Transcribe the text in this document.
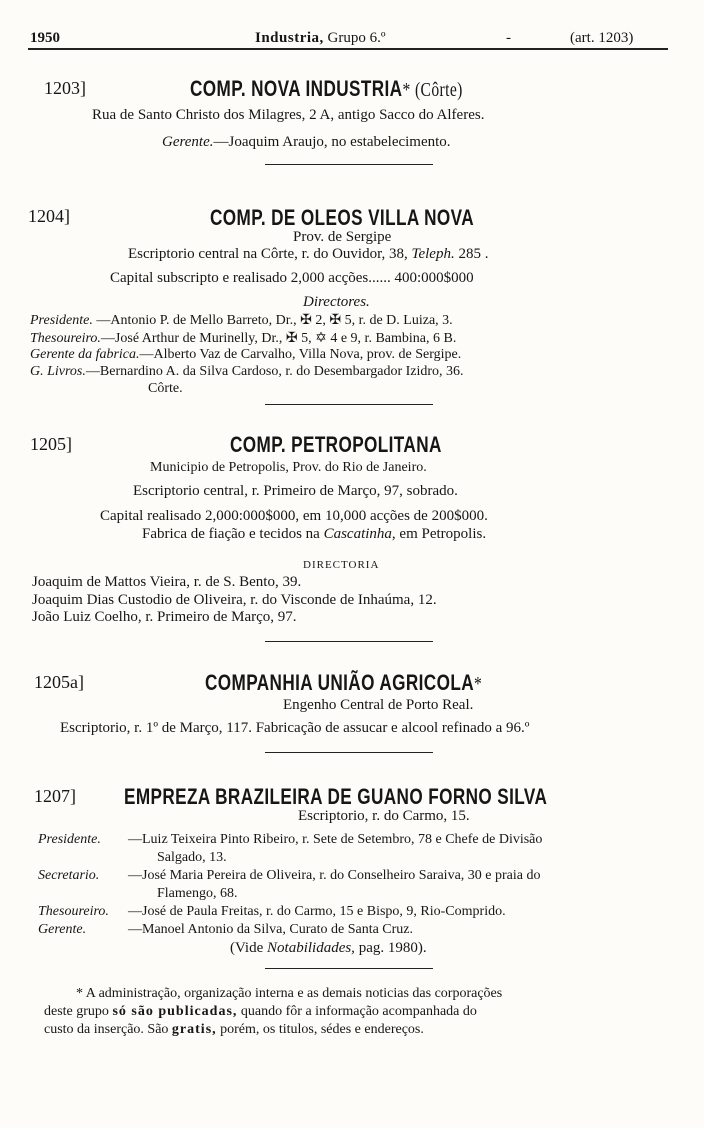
1950	Industria, Grupo 6.º	-	(art. 1203)
1203]	COMP. NOVA INDUSTRIA* (Côrte)
Rua de Santo Christo dos Milagres, 2 A, antigo Sacco do Alferes.
Gerente.—Joaquim Araujo, no estabelecimento.
1204]	COMP. DE OLEOS VILLA NOVA
Prov. de Sergipe
Escriptorio central na Côrte, r. do Ouvidor, 38, Teleph. 285 .
Capital subscripto e realisado 2,000 acções...... 400:000$000
Directores.
Presidente. —Antonio P. de Mello Barreto, Dr., ✠ 2, ✠ 5, r. de D. Luiza, 3.
Thesoureiro.—José Arthur de Murinelly, Dr., ✠ 5, ✡ 4 e 9, r. Bambina, 6 B.
Gerente da fabrica.—Alberto Vaz de Carvalho, Villa Nova, prov. de Sergipe.
G. Livros.—Bernardino A. da Silva Cardoso, r. do Desembargador Izidro, 36.
Côrte.
1205]	COMP. PETROPOLITANA
Municipio de Petropolis, Prov. do Rio de Janeiro.
Escriptorio central, r. Primeiro de Março, 97, sobrado.
Capital realisado 2,000:000$000, em 10,000 acções de 200$000.
Fabrica de fiação e tecidos na Cascatinha, em Petropolis.
DIRECTORIA
Joaquim de Mattos Vieira, r. de S. Bento, 39.
Joaquim Dias Custodio de Oliveira, r. do Visconde de Inhaúma, 12.
João Luiz Coelho, r. Primeiro de Março, 97.
1205a]	COMPANHIA UNIÃO AGRICOLA*
Engenho Central de Porto Real.
Escriptorio, r. 1º de Março, 117. Fabricação de assucar e alcool refinado a 96.º
1207] EMPREZA BRAZILEIRA DE GUANO FORNO SILVA
Escriptorio, r. do Carmo, 15.
Presidente. —Luiz Teixeira Pinto Ribeiro, r. Sete de Setembro, 78 e Chefe de Divisão
Salgado, 13.
Secretario. —José Maria Pereira de Oliveira, r. do Conselheiro Saraiva, 30 e praia do
Flamengo, 68.
Thesoureiro. —José de Paula Freitas, r. do Carmo, 15 e Bispo, 9, Rio-Comprido.
Gerente.	—Manoel Antonio da Silva, Curato de Santa Cruz.
(Vide Notabilidades, pag. 1980).
* A administração, organização interna e as demais noticias das corporações
deste grupo só são publicadas, quando fôr a informação acompanhada do
custo da inserção. São gratis, porém, os titulos, sédes e endereços.
